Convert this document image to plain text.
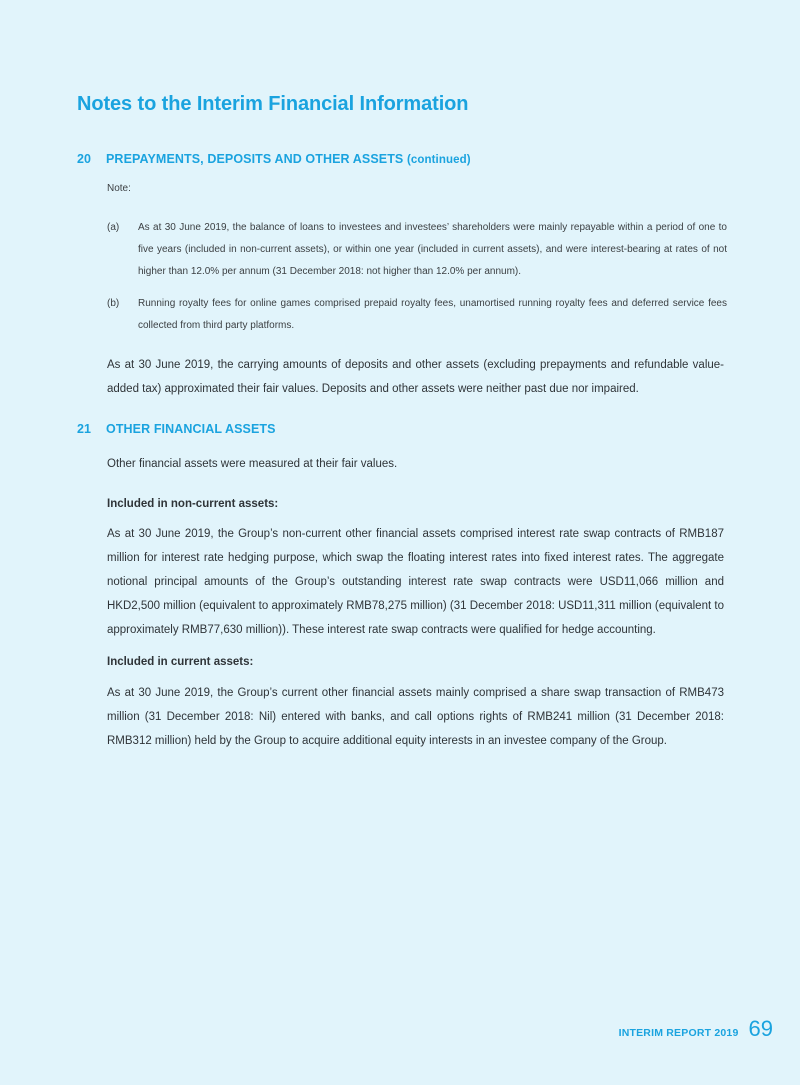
Notes to the Interim Financial Information
20 PREPAYMENTS, DEPOSITS AND OTHER ASSETS (continued)
Note:
(a) As at 30 June 2019, the balance of loans to investees and investees’ shareholders were mainly repayable within a period of one to five years (included in non-current assets), or within one year (included in current assets), and were interest-bearing at rates of not higher than 12.0% per annum (31 December 2018: not higher than 12.0% per annum).
(b) Running royalty fees for online games comprised prepaid royalty fees, unamortised running royalty fees and deferred service fees collected from third party platforms.

As at 30 June 2019, the carrying amounts of deposits and other assets (excluding prepayments and refundable value-added tax) approximated their fair values. Deposits and other assets were neither past due nor impaired.

21 OTHER FINANCIAL ASSETS

Other financial assets were measured at their fair values.

Included in non-current assets:

As at 30 June 2019, the Group’s non-current other financial assets comprised interest rate swap contracts of RMB187 million for interest rate hedging purpose, which swap the floating interest rates into fixed interest rates. The aggregate notional principal amounts of the Group’s outstanding interest rate swap contracts were USD11,066 million and HKD2,500 million (equivalent to approximately RMB78,275 million) (31 December 2018: USD11,311 million (equivalent to approximately RMB77,630 million)). These interest rate swap contracts were qualified for hedge accounting.

Included in current assets:

As at 30 June 2019, the Group’s current other financial assets mainly comprised a share swap transaction of RMB473 million (31 December 2018: Nil) entered with banks, and call options rights of RMB241 million (31 December 2018: RMB312 million) held by the Group to acquire additional equity interests in an investee company of the Group.

INTERIM REPORT 2019 69
